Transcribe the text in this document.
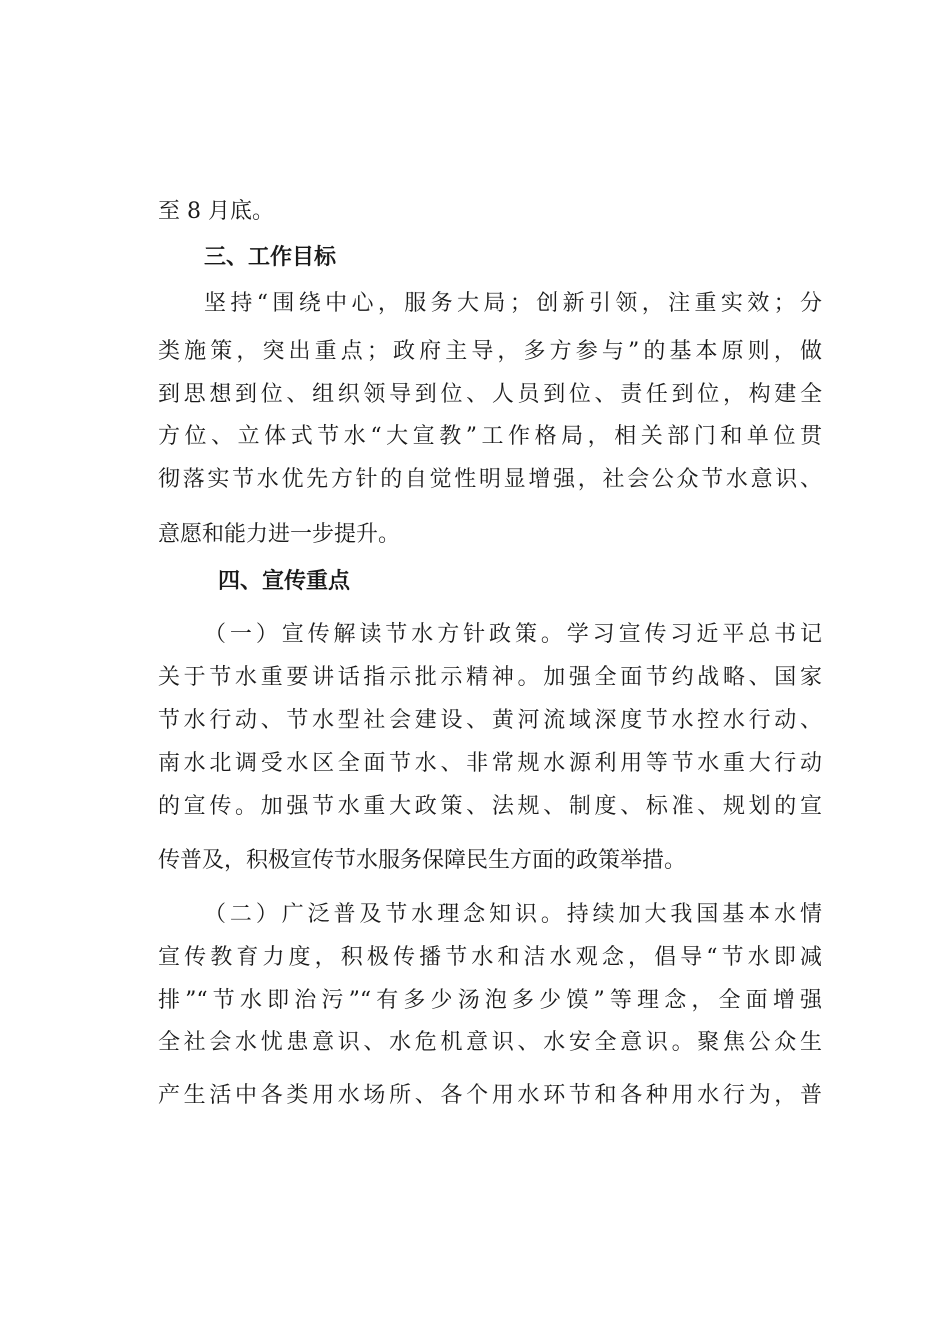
至 8 月底。
三、工作目标
坚持“围绕中心，服务大局；创新引领，注重实效；分
类施策，突出重点；政府主导，多方参与”的基本原则，做
到思想到位、组织领导到位、人员到位、责任到位，构建全
方位、立体式节水“大宣教”工作格局，相关部门和单位贯
彻落实节水优先方针的自觉性明显增强，社会公众节水意识、
意愿和能力进一步提升。
四、宣传重点
（一）宣传解读节水方针政策。学习宣传习近平总书记
关于节水重要讲话指示批示精神。加强全面节约战略、国家
节水行动、节水型社会建设、黄河流域深度节水控水行动、
南水北调受水区全面节水、非常规水源利用等节水重大行动
的宣传。加强节水重大政策、法规、制度、标准、规划的宣
传普及，积极宣传节水服务保障民生方面的政策举措。
（二）广泛普及节水理念知识。持续加大我国基本水情
宣传教育力度，积极传播节水和洁水观念，倡导“节水即减
排”“节水即治污”“有多少汤泡多少馍”等理念，全面增强
全社会水忧患意识、水危机意识、水安全意识。聚焦公众生
产生活中各类用水场所、各个用水环节和各种用水行为，普
